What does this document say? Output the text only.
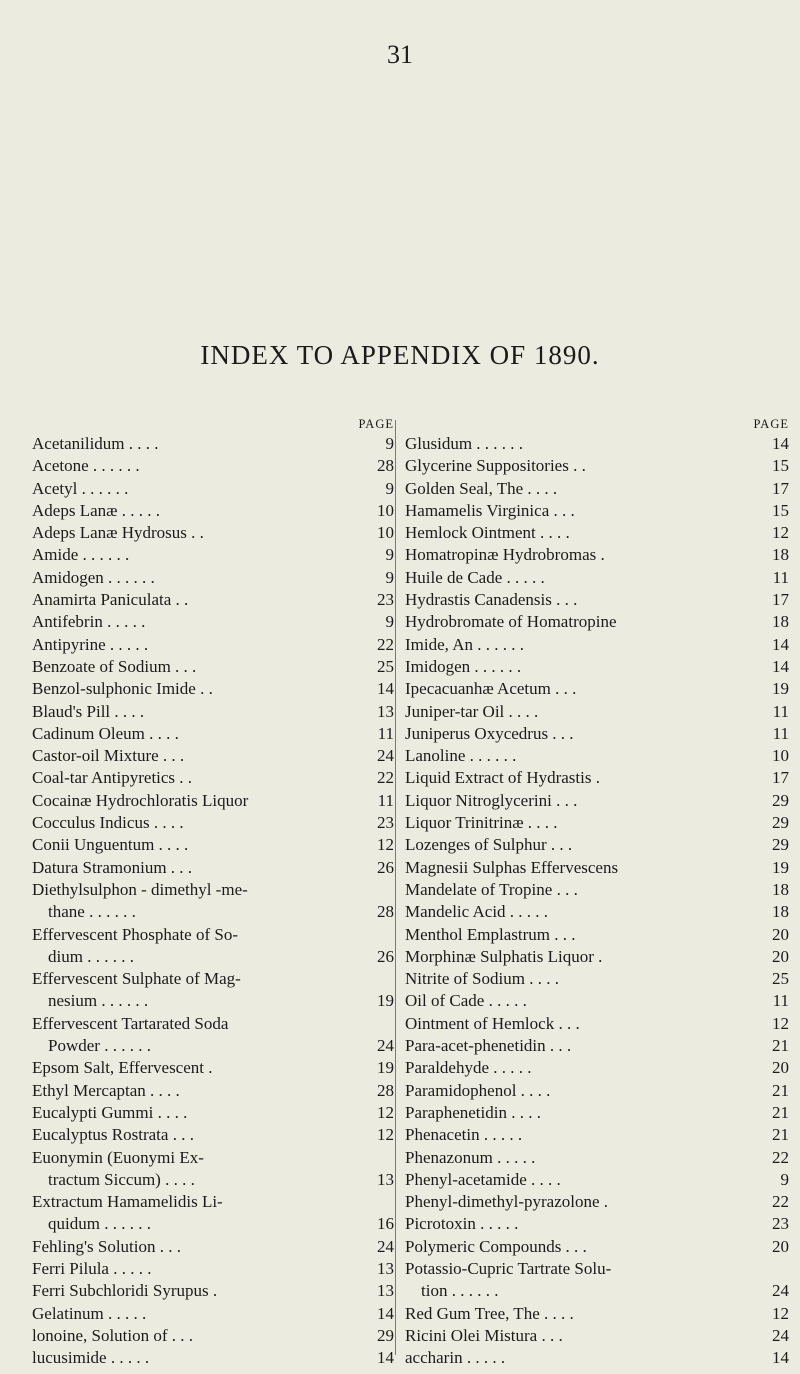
31
INDEX TO APPENDIX OF 1890.
PAGE
Acetanilidum . . . .	9
Acetone . . . . . .	28
Acetyl . . . . . .	9
Adeps Lanæ . . . . .	10
Adeps Lanæ Hydrosus . .	10
Amide . . . . . .	9
Amidogen . . . . . .	9
Anamirta Paniculata . .	23
Antifebrin . . . . .	9
Antipyrine . . . . .	22
Benzoate of Sodium . . .	25
Benzol-sulphonic Imide . .	14
Blaud's Pill . . . .	13
Cadinum Oleum . . . .	11
Castor-oil Mixture . . .	24
Coal-tar Antipyretics . .	22
Cocainæ Hydrochloratis Liquor	11
Cocculus Indicus . . . .	23
Conii Unguentum . . . .	12
Datura Stramonium . . .	26
Diethylsulphon - dimethyl -me-
thane . . . . . .	28
Effervescent Phosphate of So-
dium . . . . . .	26
Effervescent Sulphate of Mag-
nesium . . . . . .	19
Effervescent Tartarated Soda
Powder . . . . . .	24
Epsom Salt, Effervescent .	19
Ethyl Mercaptan . . . .	28
Eucalypti Gummi . . . .	12
Eucalyptus Rostrata . . .	12
Euonymin (Euonymi Ex-
tractum Siccum) . . . .	13
Extractum Hamamelidis Li-
quidum . . . . . .	16
Fehling's Solution . . .	24
Ferri Pilula . . . . .	13
Ferri Subchloridi Syrupus .	13
Gelatinum . . . . .	14
lonoine, Solution of . . .	29
lucusimide . . . . .	14
PAGE
Glusidum . . . . . .	14
Glycerine Suppositories . .	15
Golden Seal, The . . . .	17
Hamamelis Virginica . . .	15
Hemlock Ointment . . . .	12
Homatropinæ Hydrobromas .	18
Huile de Cade . . . . .	11
Hydrastis Canadensis . . .	17
Hydrobromate of Homatropine	18
Imide, An . . . . . .	14
Imidogen . . . . . .	14
Ipecacuanhæ Acetum . . .	19
Juniper-tar Oil . . . .	11
Juniperus Oxycedrus . . .	11
Lanoline . . . . . .	10
Liquid Extract of Hydrastis .	17
Liquor Nitroglycerini . . .	29
Liquor Trinitrinæ . . . .	29
Lozenges of Sulphur . . .	29
Magnesii Sulphas Effervescens	19
Mandelate of Tropine . . .	18
Mandelic Acid . . . . .	18
Menthol Emplastrum . . .	20
Morphinæ Sulphatis Liquor .	20
Nitrite of Sodium . . . .	25
Oil of Cade . . . . .	11
Ointment of Hemlock . . .	12
Para-acet-phenetidin . . .	21
Paraldehyde . . . . .	20
Paramidophenol . . . .	21
Paraphenetidin . . . .	21
Phenacetin . . . . .	21
Phenazonum . . . . .	22
Phenyl-acetamide . . . .	9
Phenyl-dimethyl-pyrazolone .	22
Picrotoxin . . . . .	23
Polymeric Compounds . . .	20
Potassio-Cupric Tartrate Solu-
tion . . . . . .	24
Red Gum Tree, The . . . .	12
Ricini Olei Mistura . . .	24
accharin . . . . .	14
